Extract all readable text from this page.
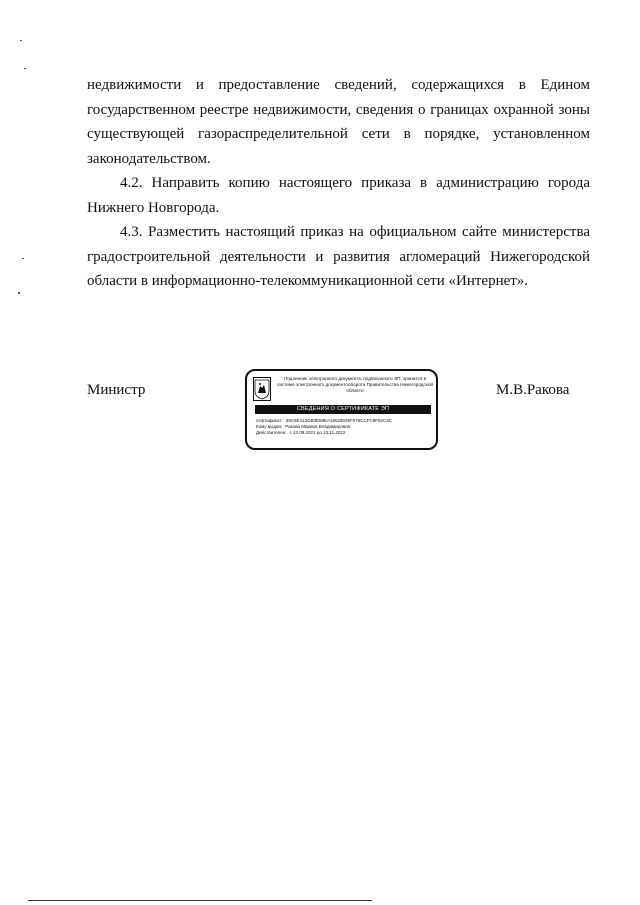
недвижимости и предоставление сведений, содержащихся в Едином государственном реестре недвижимости, сведения о границах охранной зоны существующей газораспределительной сети в порядке, установленном законодательством.

4.2. Направить копию настоящего приказа в администрацию города Нижнего Новгорода.

4.3. Разместить настоящий приказ на официальном сайте министерства градостроительной деятельности и развития агломераций Нижегородской области в информационно-телекоммуникационной сети «Интернет».

Министр
Подлинник электронного документа, подписанного ЭП, хранится в системе электронного документооборота Правительства Нижегородской области
СВЕДЕНИЯ О СЕРТИФИКАТЕ ЭП
Сертификат: 39C8E413GB3E59EA16528035F075CCFC9F92C3C
Кому выдан: Ракова Марина Владимировна
Действителен: с 13.08.2021 до 13.11.2022
М.В.Ракова
